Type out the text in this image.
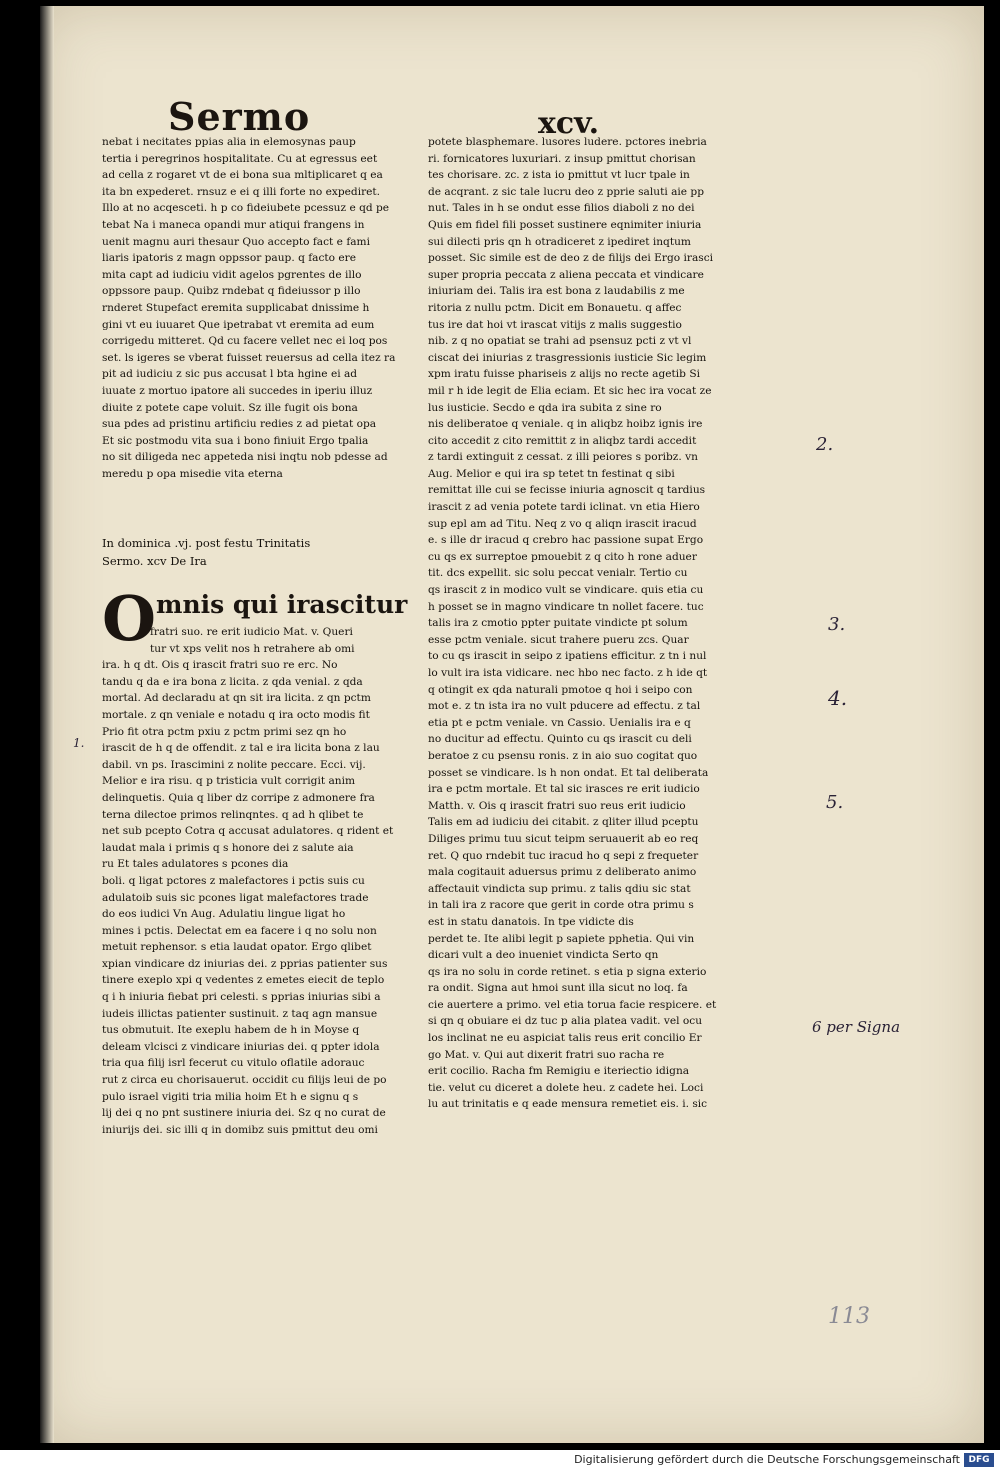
Sermo	xcv.
nebat i necitates ppias alia in elemosynas paup
tertia i peregrinos hospitalitate. Cu at egressus eet
ad cella z rogaret vt de ei bona sua mltiplicaret q ea
ita bn expederet. rnsuz e ei q illi forte no expediret.
Illo at no acqesceti. h p co fideiubete pcessuz e qd pe
tebat Na i maneca opandi mur atiqui frangens in
uenit magnu auri thesaur Quo accepto fact e fami
liaris ipatoris z magn oppssor paup. q facto ere
mita capt ad iudiciu vidit agelos pgrentes de illo
oppssore paup. Quibz rndebat q fideiussor p illo
rnderet Stupefact eremita supplicabat dnissime h
gini vt eu iuuaret Que ipetrabat vt eremita ad eum
corrigedu mitteret. Qd cu facere vellet nec ei loq pos
set. ls igeres se vberat fuisset reuersus ad cella itez ra
pit ad iudiciu z sic pus accusat l bta hgine ei ad
iuuate z mortuo ipatore ali succedes in iperiu illuz
diuite z potete cape voluit. Sz ille fugit ois bona
sua pdes ad pristinu artificiu redies z ad pietat opa
Et sic postmodu vita sua i bono finiuit Ergo tpalia
no sit diligeda nec appeteda nisi inqtu nob pdesse ad
meredu p opa misedie vita eterna
In dominica .vj. post festu Trinitatis
Sermo. xcv De Ira
O mnis qui irascitur
fratri suo. re erit iudicio Mat. v. Queri
tur vt xps velit nos h retrahere ab omi
ira. h q dt. Ois q irascit fratri suo re erc. No
tandu q da e ira bona z licita. z qda venial. z qda
mortal. Ad declaradu at qn sit ira licita. z qn pctm
mortale. z qn veniale e notadu q ira octo modis fit
Prio fit otra pctm pxiu z pctm primi sez qn ho
irascit de h q de offendit. z tal e ira licita bona z lau
dabil. vn ps. Irascimini z nolite peccare. Ecci. vij.
Melior e ira risu. q p tristicia vult corrigit anim
delinquetis. Quia q liber dz corripe z admonere fra
terna dilectoe primos relinqntes. q ad h qlibet te
net sub pcepto Cotra q accusat adulatores. q rident et
laudat mala i primis q s honore dei z salute aia
ru Et tales adulatores s pcones dia
boli. q ligat pctores z malefactores i pctis suis cu
adulatoib suis sic pcones ligat malefactores trade
do eos iudici Vn Aug. Adulatiu lingue ligat ho
mines i pctis. Delectat em ea facere i q no solu non
metuit rephensor. s etia laudat opator. Ergo qlibet
xpian vindicare dz iniurias dei. z pprias patienter sus
tinere exeplo xpi q vedentes z emetes eiecit de teplo
q i h iniuria fiebat pri celesti. s pprias iniurias sibi a
iudeis illictas patienter sustinuit. z taq agn mansue
tus obmutuit. Ite exeplu habem de h in Moyse q
deleam vlcisci z vindicare iniurias dei. q ppter idola
tria qua filij isrl fecerut cu vitulo oflatile adorauc
rut z circa eu chorisauerut. occidit cu filijs leui de po
pulo israel vigiti tria milia hoim Et h e signu q s
lij dei q no pnt sustinere iniuria dei. Sz q no curat de
iniurijs dei. sic illi q in domibz suis pmittut deu omi
potete blasphemare. lusores ludere. pctores inebria
ri. fornicatores luxuriari. z insup pmittut chorisan
tes chorisare. zc. z ista io pmittut vt lucr tpale in
de acqrant. z sic tale lucru deo z pprie saluti aie pp
nut. Tales in h se ondut esse filios diaboli z no dei
Quis em fidel fili posset sustinere eqnimiter iniuria
sui dilecti pris qn h otradiceret z ipediret inqtum
posset. Sic simile est de deo z de filijs dei Ergo irasci
super propria peccata z aliena peccata et vindicare
iniuriam dei. Talis ira est bona z laudabilis z me
ritoria z nullu pctm. Dicit em Bonauetu. q affec
tus ire dat hoi vt irascat vitijs z malis suggestio
nib. z q no opatiat se trahi ad psensuz pcti z vt vl
ciscat dei iniurias z trasgressionis iusticie Sic legim
xpm iratu fuisse phariseis z alijs no recte agetib Si
mil r h ide legit de Elia eciam. Et sic hec ira vocat ze
lus iusticie. Secdo e qda ira subita z sine ro
nis deliberatoe q veniale. q in aliqbz hoibz ignis ire
cito accedit z cito remittit z in aliqbz tardi accedit
z tardi extinguit z cessat. z illi peiores s poribz. vn
Aug. Melior e qui ira sp tetet tn festinat q sibi
remittat ille cui se fecisse iniuria agnoscit q tardius
irascit z ad venia potete tardi iclinat. vn etia Hiero
sup epl am ad Titu. Neq z vo q aliqn irascit iracud
e. s ille dr iracud q crebro hac passione supat Ergo
cu qs ex surreptoe pmouebit z q cito h rone aduer
tit. dcs expellit. sic solu peccat venialr. Tertio cu
qs irascit z in modico vult se vindicare. quis etia cu
h posset se in magno vindicare tn nollet facere. tuc
talis ira z cmotio ppter puitate vindicte pt solum
esse pctm veniale. sicut trahere pueru zcs. Quar
to cu qs irascit in seipo z ipatiens efficitur. z tn i nul
lo vult ira ista vidicare. nec hbo nec facto. z h ide qt
q otingit ex qda naturali pmotoe q hoi i seipo con
mot e. z tn ista ira no vult pducere ad effectu. z tal
etia pt e pctm veniale. vn Cassio. Uenialis ira e q
no ducitur ad effectu. Quinto cu qs irascit cu deli
beratoe z cu psensu ronis. z in aio suo cogitat quo
posset se vindicare. ls h non ondat. Et tal deliberata
ira e pctm mortale. Et tal sic irasces re erit iudicio
Matth. v. Ois q irascit fratri suo reus erit iudicio
Talis em ad iudiciu dei citabit. z qliter illud pceptu
Diliges primu tuu sicut teipm seruauerit ab eo req
ret. Q quo rndebit tuc iracud ho q sepi z frequeter
mala cogitauit aduersus primu z deliberato animo
affectauit vindicta sup primu. z talis qdiu sic stat
in tali ira z racore que gerit in corde otra primu s
est in statu danatois. In tpe vidicte dis
perdet te. Ite alibi legit p sapiete pphetia. Qui vin
dicari vult a deo inueniet vindicta Serto qn
qs ira no solu in corde retinet. s etia p signa exterio
ra ondit. Signa aut hmoi sunt illa sicut no loq. fa
cie auertere a primo. vel etia torua facie respicere. et
si qn q obuiare ei dz tuc p alia platea vadit. vel ocu
los inclinat ne eu aspiciat talis reus erit concilio Er
go Mat. v. Qui aut dixerit fratri suo racha re
erit cocilio. Racha fm Remigiu e iteriectio idigna
tie. velut cu diceret a dolete heu. z cadete hei. Loci
lu aut trinitatis e q eade mensura remetiet eis. i. sic
1.
2.
3.
4.
5.
6 per Signa
113
Digitalisierung gefördert durch die Deutsche Forschungsgemeinschaft DFG
